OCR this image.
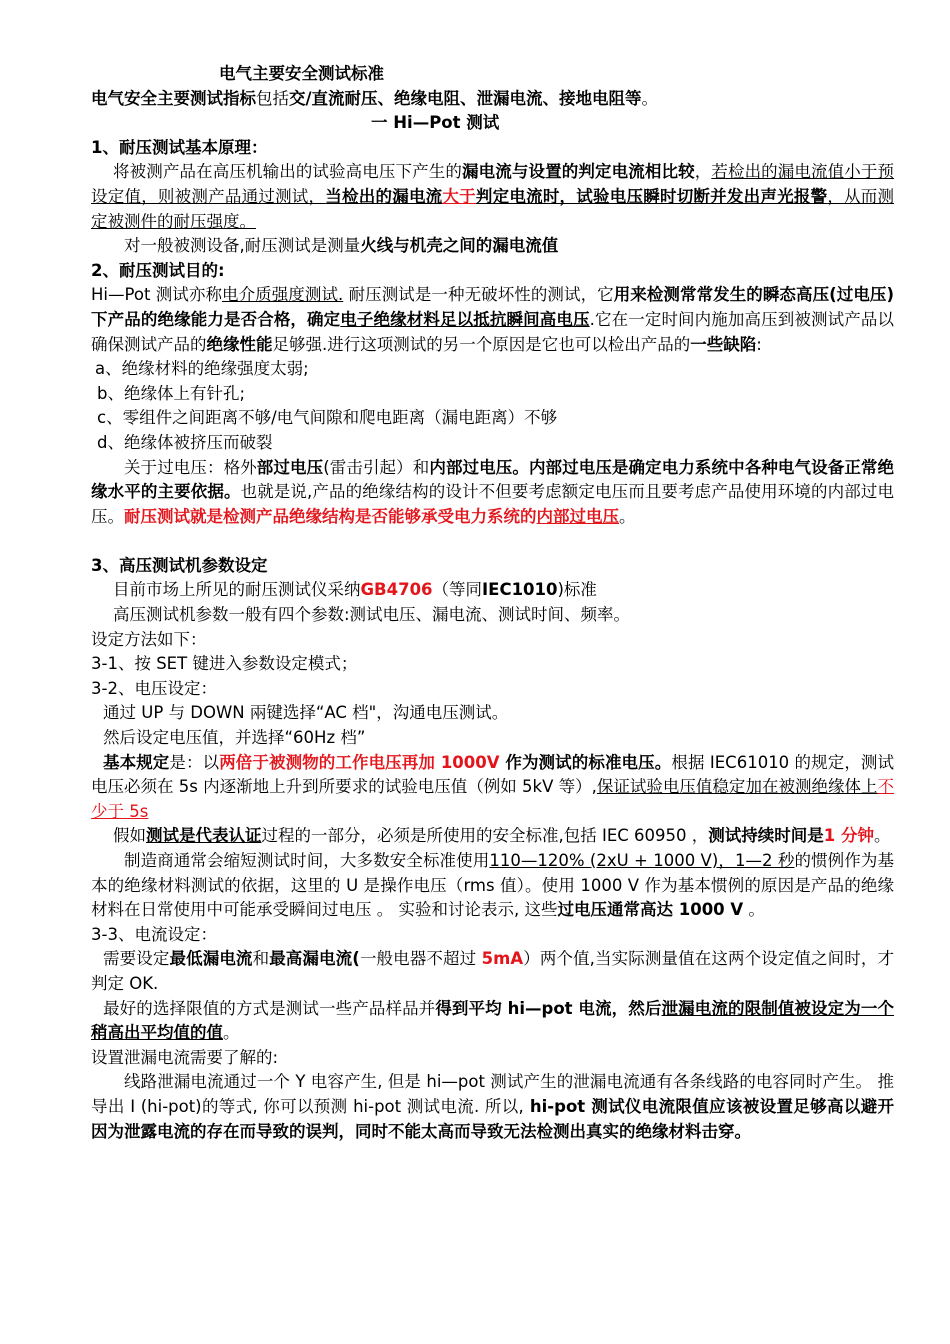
电气主要安全测试标准

电气安全主要测试指标包括交/直流耐压、绝缘电阻、泄漏电流、接地电阻等。

一 Hi—Pot 测试

1、耐压测试基本原理：

将被测产品在高压机输出的试验高电压下产生的漏电流与设置的判定电流相比较，若检出的漏电流值小于预设定值，则被测产品通过测试，当检出的漏电流大于判定电流时，试验电压瞬时切断并发出声光报警，从而测定被测件的耐压强度。

对一般被测设备,耐压测试是测量火线与机壳之间的漏电流值

2、耐压测试目的:

Hi—Pot 测试亦称电介质强度测试. 耐压测试是一种无破坏性的测试，它用来检测常常发生的瞬态高压(过电压)下产品的绝缘能力是否合格，确定电子绝缘材料足以抵抗瞬间高电压.它在一定时间内施加高压到被测试产品以确保测试产品的绝缘性能足够强.进行这项测试的另一个原因是它也可以检出产品的一些缺陷:

a、绝缘材料的绝缘强度太弱;

b、绝缘体上有针孔;

c、零组件之间距离不够/电气间隙和爬电距离（漏电距离）不够

d、绝缘体被挤压而破裂

关于过电压：格外部过电压(雷击引起）和内部过电压。内部过电压是确定电力系统中各种电气设备正常绝缘水平的主要依据。也就是说,产品的绝缘结构的设计不但要考虑额定电压而且要考虑产品使用环境的内部过电压。耐压测试就是检测产品绝缘结构是否能够承受电力系统的内部过电压。

3、高压测试机参数设定

目前市场上所见的耐压测试仪采纳GB4706（等同IEC1010)标准

高压测试机参数一般有四个参数:测试电压、漏电流、测试时间、频率。

设定方法如下：

3-1、按 SET 键进入参数设定模式；

3-2、电压设定：

通过 UP 与 DOWN 兩键选择“AC 档"，沟通电压测试。

然后设定电压值，并选择“60Hz 档”

基本规定是：以两倍于被测物的工作电压再加 1000V 作为测试的标准电压。根据 IEC61010 的规定，测试电压必须在 5s 内逐渐地上升到所要求的试验电压值（例如 5kV 等）,保证试验电压值稳定加在被测绝缘体上不少于 5s

假如测试是代表认证过程的一部分，必须是所使用的安全标准,包括 IEC 60950 ，测试持续时间是1 分钟。

制造商通常会缩短测试时间，大多数安全标准使用110—120% (2xU + 1000 V)，1—2 秒的惯例作为基本的绝缘材料测试的依据，这里的 U 是操作电压（rms 值）。使用 1000 V 作为基本惯例的原因是产品的绝缘材料在日常使用中可能承受瞬间过电压 。 实验和讨论表示, 这些过电压通常高达 1000 V 。

3-3、电流设定：

需要设定最低漏电流和最高漏电流(一般电器不超过 5mA）两个值,当实际测量值在这两个设定值之间时，才判定 OK.

最好的选择限值的方式是测试一些产品样品并得到平均 hi—pot 电流，然后泄漏电流的限制值被设定为一个稍高出平均值的值。

设置泄漏电流需要了解的:

线路泄漏电流通过一个 Y 电容产生, 但是 hi—pot 测试产生的泄漏电流通有各条线路的电容同时产生。 推导出 I (hi-pot)的等式, 你可以预测 hi-pot 测试电流. 所以, hi-pot 测试仪电流限值应该被设置足够高以避开因为泄露电流的存在而导致的误判，同时不能太高而导致无法检测出真实的绝缘材料击穿。
